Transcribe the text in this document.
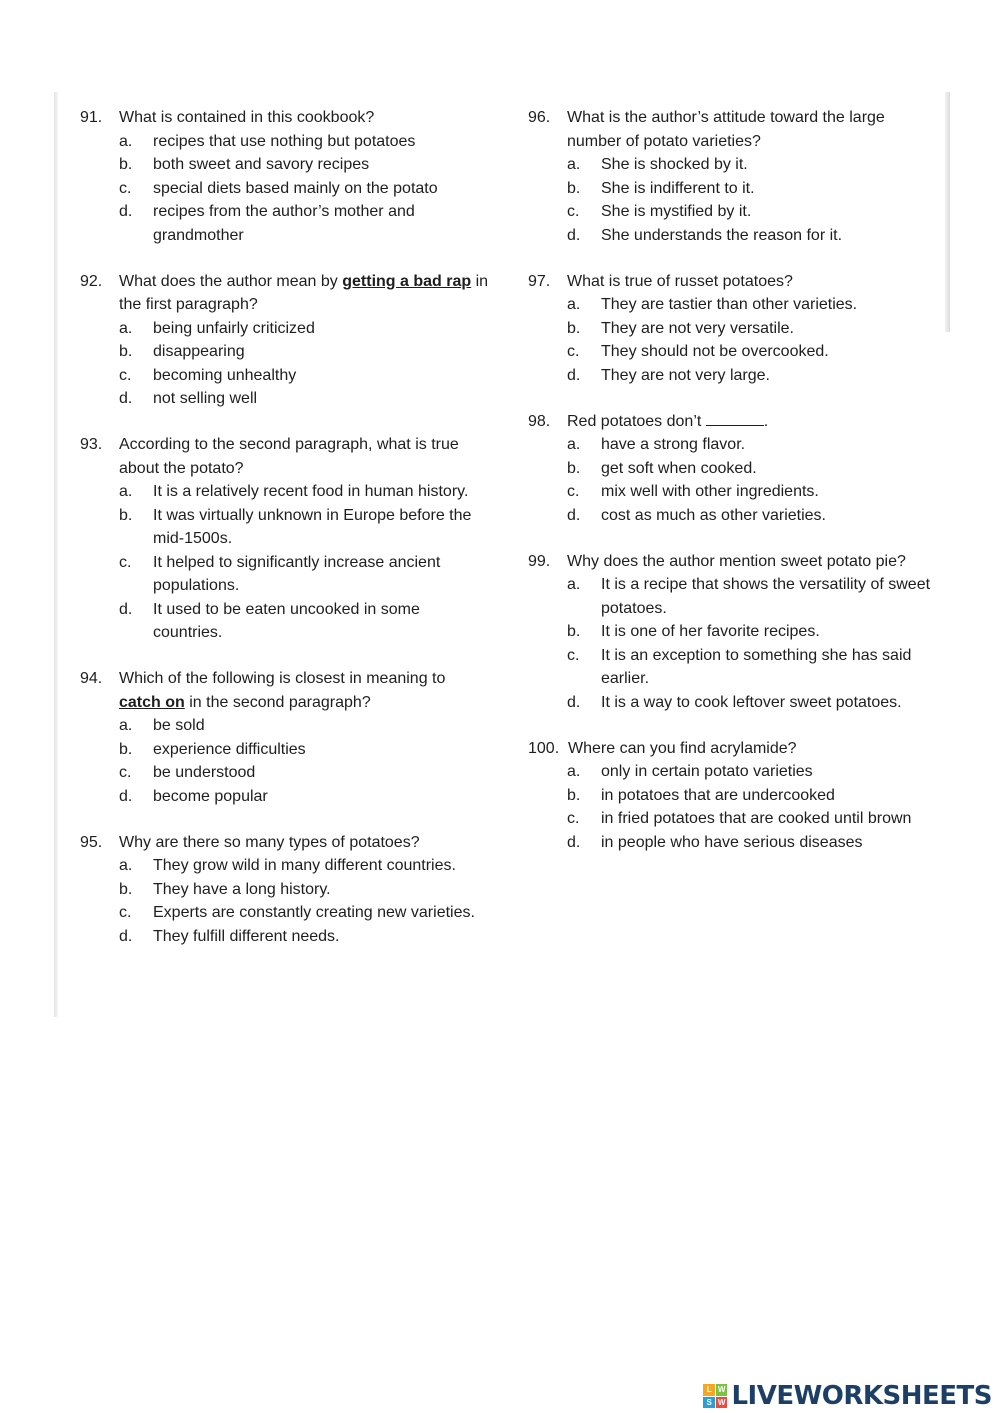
91.	What is contained in this cookbook?
a.	recipes that use nothing but potatoes
b.	both sweet and savory recipes
c.	special diets based mainly on the potato
d.	recipes from the author’s mother and grandmother
92.	What does the author mean by getting a bad rap in the first paragraph?
a.	being unfairly criticized
b.	disappearing
c.	becoming unhealthy
d.	not selling well
93.	According to the second paragraph, what is true about the potato?
a.	It is a relatively recent food in human history.
b.	It was virtually unknown in Europe before the mid-1500s.
c.	It helped to significantly increase ancient populations.
d.	It used to be eaten uncooked in some countries.
94.	Which of the following is closest in meaning to catch on in the second paragraph?
a.	be sold
b.	experience difficulties
c.	be understood
d.	become popular
95.	Why are there so many types of potatoes?
a.	They grow wild in many different countries.
b.	They have a long history.
c.	Experts are constantly creating new varieties.
d.	They fulfill different needs.
96.	What is the author’s attitude toward the large number of potato varieties?
a.	She is shocked by it.
b.	She is indifferent to it.
c.	She is mystified by it.
d.	She understands the reason for it.
97.	What is true of russet potatoes?
a.	They are tastier than other varieties.
b.	They are not very versatile.
c.	They should not be overcooked.
d.	They are not very large.
98.	Red potatoes don’t	.
a.	have a strong flavor.
b.	get soft when cooked.
c.	mix well with other ingredients.
d.	cost as much as other varieties.
99.	Why does the author mention sweet potato pie?
a.	It is a recipe that shows the versatility of sweet potatoes.
b.	It is one of her favorite recipes.
c.	It is an exception to something she has said earlier.
d.	It is a way to cook leftover sweet potatoes.
100. Where can you find acrylamide?
a.	only in certain potato varieties
b.	in potatoes that are undercooked
c.	in fried potatoes that are cooked until brown
d.	in people who have serious diseases
L W
S W LIVEWORKSHEETS
